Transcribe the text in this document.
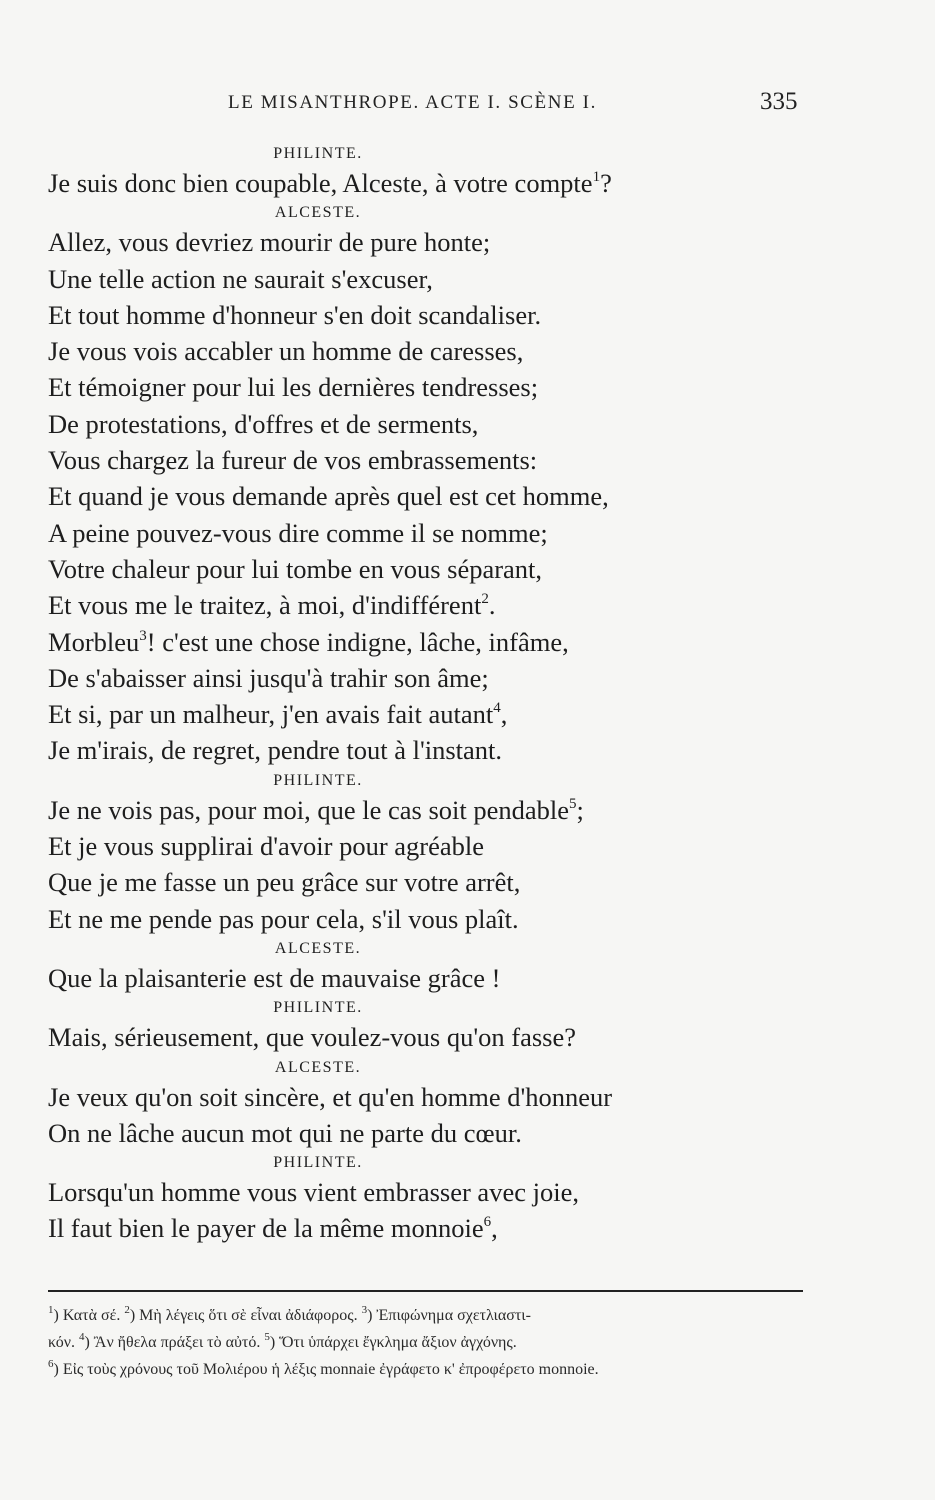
LE MISANTHROPE. ACTE I. SCÈNE I.	335
PHILINTE.
Je suis donc bien coupable, Alceste, à votre compte$^1$?
ALCESTE.
Allez, vous devriez mourir de pure honte;
Une telle action ne saurait s'excuser,
Et tout homme d'honneur s'en doit scandaliser.
Je vous vois accabler un homme de caresses,
Et témoigner pour lui les dernières tendresses;
De protestations, d'offres et de serments,
Vous chargez la fureur de vos embrassements:
Et quand je vous demande après quel est cet homme,
A peine pouvez-vous dire comme il se nomme;
Votre chaleur pour lui tombe en vous séparant,
Et vous me le traitez, à moi, d'indifférent$^2$.
Morbleu$^3$! c'est une chose indigne, lâche, infâme,
De s'abaisser ainsi jusqu'à trahir son âme;
Et si, par un malheur, j'en avais fait autant$^4$,
Je m'irais, de regret, pendre tout à l'instant.
PHILINTE.
Je ne vois pas, pour moi, que le cas soit pendable$^5$;
Et je vous supplirai d'avoir pour agréable
Que je me fasse un peu grâce sur votre arrêt,
Et ne me pende pas pour cela, s'il vous plaît.
ALCESTE.
Que la plaisanterie est de mauvaise grâce !
PHILINTE.
Mais, sérieusement, que voulez-vous qu'on fasse?
ALCESTE.
Je veux qu'on soit sincère, et qu'en homme d'honneur
On ne lâche aucun mot qui ne parte du cœur.
PHILINTE.
Lorsqu'un homme vous vient embrasser avec joie,
Il faut bien le payer de la même monnoie$^6$,
$^1$) Κατὰ σέ. $^2$) Μὴ λέγεις ὅτι σὲ εἶναι ἀδιάφορος. $^3$) Ἐπιφώνημα σχετλιαστι-
κόν. $^4$) Ἂν ἤθελα πράξει τὸ αὐτό. $^5$) Ὅτι ὑπάρχει ἔγκλημα ἄξιον ἀγχόνης.
$^6$) Εἰς τοὺς χρόνους τοῦ Μολιέρου ἡ λέξις monnaie ἐγράφετο κ' ἐπροφέρετο monnoie.
